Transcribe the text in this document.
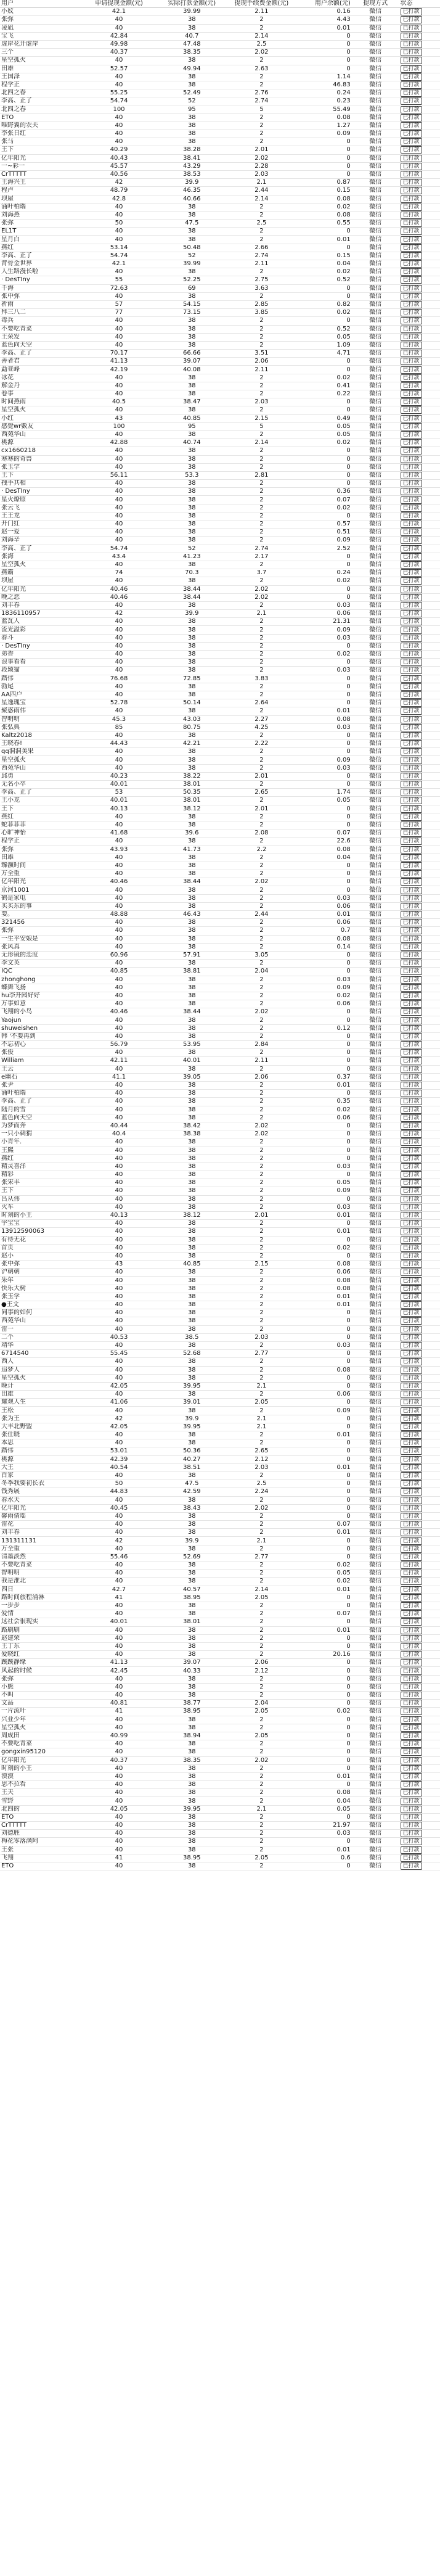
用户	申请提现金额(元)	实际打款金额(元)	提现手续费金额(元)	用户余额(元)	提现方式	状态
小妏	42.1	39.99	2.11	0.16	微信	已打款
张弥	40	38	2	4.43	微信	已打款
凌凪	40	38	2	0.01	微信	已打款
宝飞	42.84	40.7	2.14	0	微信	已打款
虚岸花开虚岸	49.98	47.48	2.5	0	微信	已打款
三个	40.37	38.35	2.02	0	微信	已打款
星空孤火	40	38	2	0	微信	已打款
田雄	52.57	49.94	2.63	0	微信	已打款
王国泽	40	38	2	1.14	微信	已打款
程学正	40	38	2	46.83	微信	已打款
北四之春	55.25	52.49	2.76	0.24	微信	已打款
李高、正了	54.74	52	2.74	0.23	微信	已打款
北四之春	100	95	5	55.49	微信	已打款
ETO	40	38	2	0.08	微信	已打款
唯野翼的农夫	40	38	2	1.27	微信	已打款
李张日红	40	38	2	0.09	微信	已打款
张马	40	38	2	0	微信	已打款
王下	40.29	38.28	2.01	0	微信	已打款
亿年阳光	40.43	38.41	2.02	0	微信	已打款
一~彩一	45.57	43.29	2.28	0	微信	已打款
CrTTTTT	40.56	38.53	2.03	0	微信	已打款
王海兴王	42	39.9	2.1	0.87	微信	已打款
程卢	48.79	46.35	2.44	0.15	微信	已打款
坝屋	42.8	40.66	2.14	0.08	微信	已打款
涌叶柏瑞	40	38	2	0.02	微信	已打款
刘海燕	40	38	2	0.08	微信	已打款
张弥	50	47.5	2.5	0.55	微信	已打款
EL1T	40	38	2	0	微信	已打款
星月白	40	38	2	0.01	微信	已打款
燕红	53.14	50.48	2.66	0	微信	已打款
李高、正了	54.74	52	2.74	0.15	微信	已打款
背骨金世界	42.1	39.99	2.11	0.04	微信	已打款
人生路漫长啦	40	38	2	0.02	微信	已打款
· DesTIny	55	52.25	2.75	0.52	微信	已打款
千海	72.63	69	3.63	0	微信	已打款
张中弥	40	38	2	0	微信	已打款
祈雨	57	54.15	2.85	0.82	微信	已打款
拜三八二	77	73.15	3.85	0.02	微信	已打款
毒兵	40	38	2	0	微信	已打款
不要吃青菜	40	38	2	0.52	微信	已打款
王荣发	40	38	2	0.05	微信	已打款
蓝色向天空	40	38	2	1.09	微信	已打款
李高、正了	70.17	66.66	3.51	4.71	微信	已打款
善者君	41.13	39.07	2.06	0	微信	已打款
勐亚峰	42.19	40.08	2.11	0	微信	已打款
冰花	40	38	2	0.02	微信	已打款
解金丹	40	38	2	0.41	微信	已打款
卷事	40	38	2	0.22	微信	已打款
时间燕雨	40.5	38.47	2.03	0	微信	已打款
星空孤火	40	38	2	0	微信	已打款
小红	43	40.85	2.15	0.49	微信	已打款
感覺wr數友	100	95	5	0.05	微信	已打款
西苑华山	40	38	2	0.05	微信	已打款
桃源	42.88	40.74	2.14	0.02	微信	已打款
cx1660218	40	38	2	0	微信	已打款
寒寒的奇兽	40	38	2	0	微信	已打款
张玉学	40	38	2	0	微信	已打款
王下	56.11	53.3	2.81	0	微信	已打款
拽手共相	40	38	2	0	微信	已打款
· DesTIny	40	38	2	0.36	微信	已打款
星火燎原	40	38	2	0.07	微信	已打款
张云飞	40	38	2	0.02	微信	已打款
王王龙	40	38	2	0	微信	已打款
开门红	40	38	2	0.57	微信	已打款
赵一爱	40	38	2	0.51	微信	已打款
刘海辛	40	38	2	0.09	微信	已打款
李高、正了	54.74	52	2.74	2.52	微信	已打款
张海	43.4	41.23	2.17	0	微信	已打款
星空孤火	40	38	2	0	微信	已打款
燕霸	74	70.3	3.7	0.24	微信	已打款
坝屋	40	38	2	0.02	微信	已打款
亿年阳光	40.46	38.44	2.02	0	微信	已打款
晚之恋	40.46	38.44	2.02	0	微信	已打款
刘丰春	40	38	2	0.03	微信	已打款
1836110957	42	39.9	2.1	0.06	微信	已打款
蓝瓦人	40	38	2	21.31	微信	已打款
流光溢彩	40	38	2	0.09	微信	已打款
春斗	40	38	2	0.03	微信	已打款
· DesTIny	40	38	2	0	微信	已打款
弟香	40	38	2	0.02	微信	已打款
浪事看看	40	38	2	0	微信	已打款
段颖猫	40	38	2	0.03	微信	已打款
踏伟	76.68	72.85	3.83	0	微信	已打款
勃尾	40	38	2	0	微信	已打款
AA四户	40	38	2	0	微信	已打款
星逸瑰宝	52.78	50.14	2.64	0	微信	已打款
聚惑雨伟	40	38	2	0.01	微信	已打款
智明明	45.3	43.03	2.27	0.08	微信	已打款
张弘典	85	80.75	4.25	0.03	微信	已打款
Kaltz2018	40	38	2	0	微信	已打款
王晓春!	44.43	42.21	2.22	0	微信	已打款
qq洞洞美果	40	38	2	0	微信	已打款
星空孤火	40	38	2	0.09	微信	已打款
西苑华山	40	38	2	0.03	微信	已打款
邱勇	40.23	38.22	2.01	0	微信	已打款
无名小卒	40.01	38.01	2	0	微信	已打款
李高、正了	53	50.35	2.65	1.74	微信	已打款
王小龙	40.01	38.01	2	0.05	微信	已打款
王下	40.13	38.12	2.01	0	微信	已打款
燕红	40	38	2	0	微信	已打款
蛇菲菲菲	40	38	2	0	微信	已打款
心旷神怡	41.68	39.6	2.08	0.07	微信	已打款
程学正	40	38	2	22.6	微信	已打款
张弥	43.93	41.73	2.2	0.08	微信	已打款
田雄	40	38	2	0.04	微信	已打款
臻濒时间	40	38	2	0	微信	已打款
万全重	40	38	2	0	微信	已打款
亿年阳光	40.46	38.44	2.02	0	微信	已打款
京河1001	40	38	2	0	微信	已打款
鹤是家电	40	38	2	0.03	微信	已打款
买买东的事	40	38	2	0.06	微信	已打款
要。	48.88	46.43	2.44	0.01	微信	已打款
321456	40	38	2	0.06	微信	已打款
张弥	40	38	2	0.7	微信	已打款
一生平安娘是	40	38	2	0.08	微信	已打款
张风真	40	38	2	0.14	微信	已打款
无形镜的恋度	60.96	57.91	3.05	0	微信	已打款
李文英	40	38	2	0	微信	已打款
IQC	40.85	38.81	2.04	0	微信	已打款
zhonghong	40	38	2	0.03	微信	已打款
蝶舞飞扬	40	38	2	0.09	微信	已打款
hu李开园好好	40	38	2	0.02	微信	已打款
万事如意	40	38	2	0.06	微信	已打款
飞翔的小鸟	40.46	38.44	2.02	0	微信	已打款
Yaojun	40	38	2	0	微信	已打款
shuweishen	40	38	2	0.12	微信	已打款
韩 '不要再到	40	38	2	0	微信	已打款
不忘初心	56.79	53.95	2.84	0	微信	已打款
张俊	40	38	2	0	微信	已打款
William	42.11	40.01	2.11	0	微信	已打款
王云	40	38	2	0	微信	已打款
e幽石	41.1	39.05	2.06	0.37	微信	已打款
张尹	40	38	2	0.01	微信	已打款
涌叶柏瑞	40	38	2	0	微信	已打款
李高、正了	40	38	2	0.35	微信	已打款
陆月的雪	40	38	2	0.02	微信	已打款
蓝色向天空	40	38	2	0.06	微信	已打款
为梦而奔	40.44	38.42	2.02	0	微信	已打款
一只小刺猬	40.4	38.38	2.02	0	微信	已打款
小青年.	40	38	2	0	微信	已打款
王熙	40	38	2	0	微信	已打款
燕红	40	38	2	0	微信	已打款
精灵喜洋	40	38	2	0.03	微信	已打款
精彩	40	38	2	0	微信	已打款
张宋丰	40	38	2	0.05	微信	已打款
王下	40	38	2	0.09	微信	已打款
吕从伟	40	38	2	0	微信	已打款
火车	40	38	2	0.03	微信	已打款
时刻的小王	40.13	38.12	2.01	0.01	微信	已打款
宇宝宝	40	38	2	0	微信	已打款
13912590063	40	38	2	0.01	微信	已打款
有待无花	40	38	2	0	微信	已打款
首页	40	38	2	0.02	微信	已打款
赵小	40	38	2	0	微信	已打款
张中弥	43	40.85	2.15	0.08	微信	已打款
沪朝朝	40	38	2	0.06	微信	已打款
朱年	40	38	2	0.08	微信	已打款
快乐大树	40	38	2	0.08	微信	已打款
张玉学	40	38	2	0.01	微信	已打款
●王文	40	38	2	0.01	微信	已打款
同事的如何	40	38	2	0	微信	已打款
西苑华山	40	38	2	0	微信	已打款
雷一	40	38	2	0	微信	已打款
二个	40.53	38.5	2.03	0	微信	已打款
靖华	40	38	2	0.03	微信	已打款
6714540	55.45	52.68	2.77	0	微信	已打款
西人	40	38	2	0	微信	已打款
追梦人	40	38	2	0.08	微信	已打款
星空孤火	40	38	2	0	微信	已打款
晚计	42.05	39.95	2.1	0	微信	已打款
田雄	40	38	2	0.06	微信	已打款
耀观人生	41.06	39.01	2.05	0	微信	已打款
王松	40	38	2	0.09	微信	已打款
张为王	42	39.9	2.1	0	微信	已打款
大丰北野盟	42.05	39.95	2.1	0	微信	已打款
张仕晓	40	38	2	0.01	微信	已打款
本思	40	38	2	0	微信	已打款
踏伟	53.01	50.36	2.65	0	微信	已打款
桃源	42.39	40.27	2.12	0	微信	已打款
大王	40.54	38.51	2.03	0.01	微信	已打款
百家	40	38	2	0	微信	已打款
冬季我要初长衣	50	47.5	2.5	0	微信	已打款
钱秀展	44.83	42.59	2.24	0	微信	已打款
春水天	40	38	2	0	微信	已打款
亿年阳光	40.45	38.43	2.02	0	微信	已打款
馨雨倩瑶	40	38	2	0	微信	已打款
雷花	40	38	2	0.07	微信	已打款
刘丰春	40	38	2	0.01	微信	已打款
131311131	42	39.9	2.1	0	微信	已打款
万全重	40	38	2	0	微信	已打款
清墨淡然	55.46	52.69	2.77	0	微信	已打款
不要吃青菜	40	38	2	0.02	微信	已打款
智明明	40	38	2	0.05	微信	已打款
我是淮北	40	38	2	0.02	微信	已打款
四日	42.7	40.57	2.14	0.01	微信	已打款
路时间旅程涌淋	41	38.95	2.05	0	微信	已打款
一步步	40	38	2	0	微信	已打款
爱情	40	38	2	0.07	微信	已打款
这社会很现实	40.01	38.01	2	0	微信	已打款
路刷刷	40	38	2	0.01	微信	已打款
赵建荣	40	38	2	0	微信	已打款
王丁东	40	38	2	0	微信	已打款
爱晓红	40	38	2	20.16	微信	已打款
蹊蹊静缘	41.13	39.07	2.06	0	微信	已打款
风起的时候	42.45	40.33	2.12	0	微信	已打款
张弥	40	38	2	0	微信	已打款
小熊	40	38	2	0	微信	已打款
不叫	40	38	2	0	微信	已打款
文品	40.81	38.77	2.04	0	微信	已打款
一片流叶	41	38.95	2.05	0.02	微信	已打款
兴业少年	40	38	2	0	微信	已打款
星空孤火	40	38	2	0	微信	已打款
周成田	40.99	38.94	2.05	0	微信	已打款
不要吃青菜	40	38	2	0	微信	已打款
gongxin95120	40	38	2	0	微信	已打款
亿年阳光	40.37	38.35	2.02	0	微信	已打款
时刻的小王	40	38	2	0	微信	已打款
漠漠	40	38	2	0.01	微信	已打款
思不拉看	40	38	2	0	微信	已打款
王天	40	38	2	0.08	微信	已打款
雪野	40	38	2	0.04	微信	已打款
北四的	42.05	39.95	2.1	0.05	微信	已打款
ETO	40	38	2	0	微信	已打款
CrTTTTT	40	38	2	21.97	微信	已打款
刘德胜	40	38	2	0.03	微信	已打款
梅花零落满阿	40	38	2	0	微信	已打款
王张	40	38	2	0.01	微信	已打款
飞翔	41	38.95	2.05	0.6	微信	已打款
ETO	40	38	2	0	微信	已打款
